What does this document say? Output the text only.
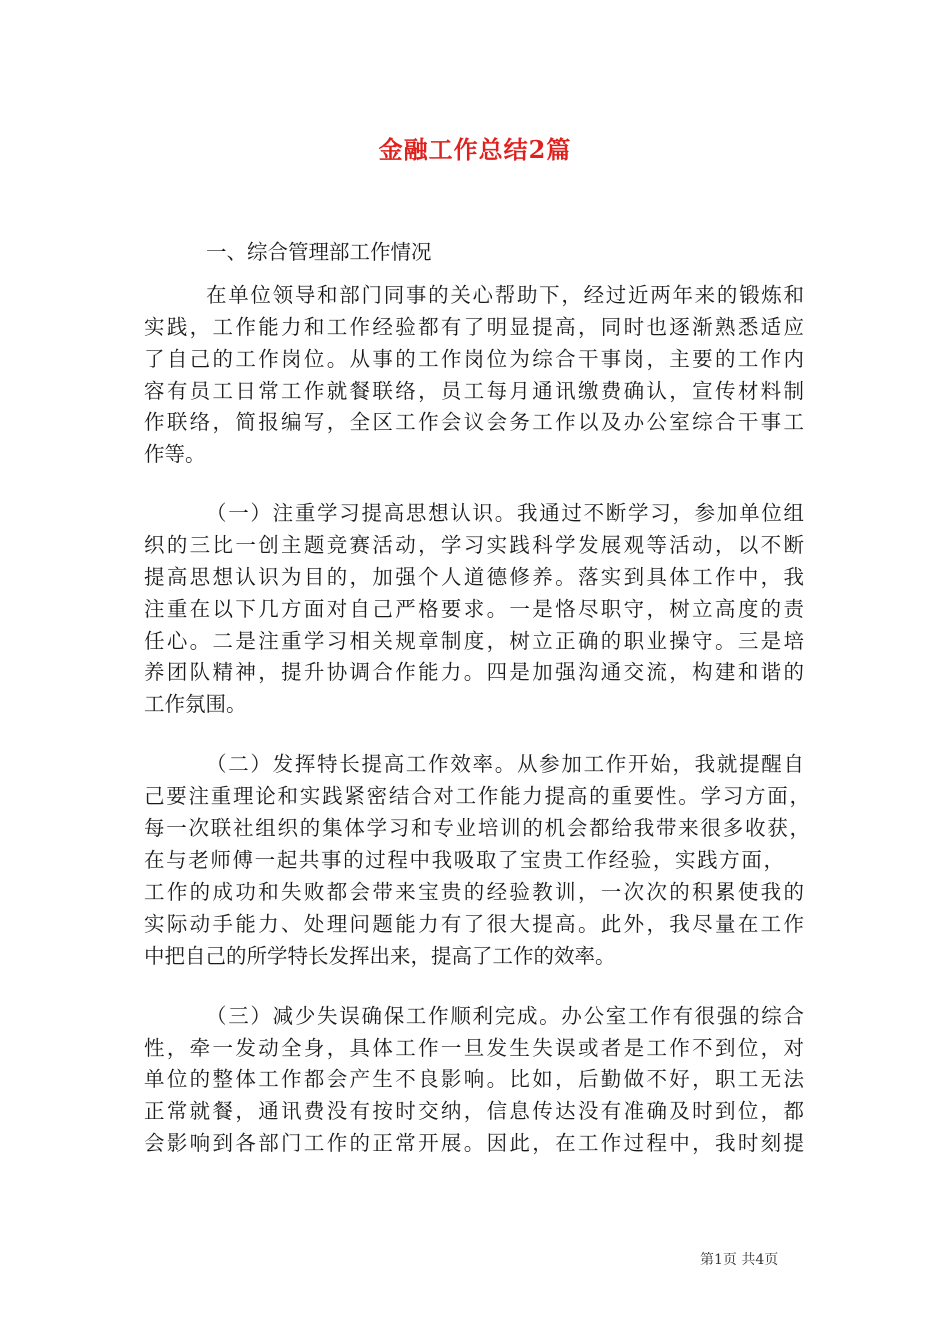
金融工作总结2篇

一、综合管理部工作情况

在单位领导和部门同事的关心帮助下，经过近两年来的锻炼和

实践，工作能力和工作经验都有了明显提高，同时也逐渐熟悉适应

了自己的工作岗位。从事的工作岗位为综合干事岗，主要的工作内

容有员工日常工作就餐联络，员工每月通讯缴费确认，宣传材料制

作联络，简报编写，全区工作会议会务工作以及办公室综合干事工

作等。

（一）注重学习提高思想认识。我通过不断学习，参加单位组

织的三比一创主题竞赛活动，学习实践科学发展观等活动，以不断

提高思想认识为目的，加强个人道德修养。落实到具体工作中，我

注重在以下几方面对自己严格要求。一是恪尽职守，树立高度的责

任心。二是注重学习相关规章制度，树立正确的职业操守。三是培

养团队精神，提升协调合作能力。四是加强沟通交流，构建和谐的

工作氛围。

（二）发挥特长提高工作效率。从参加工作开始，我就提醒自

己要注重理论和实践紧密结合对工作能力提高的重要性。学习方面，

每一次联社组织的集体学习和专业培训的机会都给我带来很多收获，

在与老师傅一起共事的过程中我吸取了宝贵工作经验，实践方面，

工作的成功和失败都会带来宝贵的经验教训，一次次的积累使我的

实际动手能力、处理问题能力有了很大提高。此外，我尽量在工作

中把自己的所学特长发挥出来，提高了工作的效率。

（三）减少失误确保工作顺利完成。办公室工作有很强的综合

性，牵一发动全身，具体工作一旦发生失误或者是工作不到位，对

单位的整体工作都会产生不良影响。比如，后勤做不好，职工无法

正常就餐，通讯费没有按时交纳，信息传达没有准确及时到位，都

会影响到各部门工作的正常开展。因此，在工作过程中，我时刻提

第1页 共4页
